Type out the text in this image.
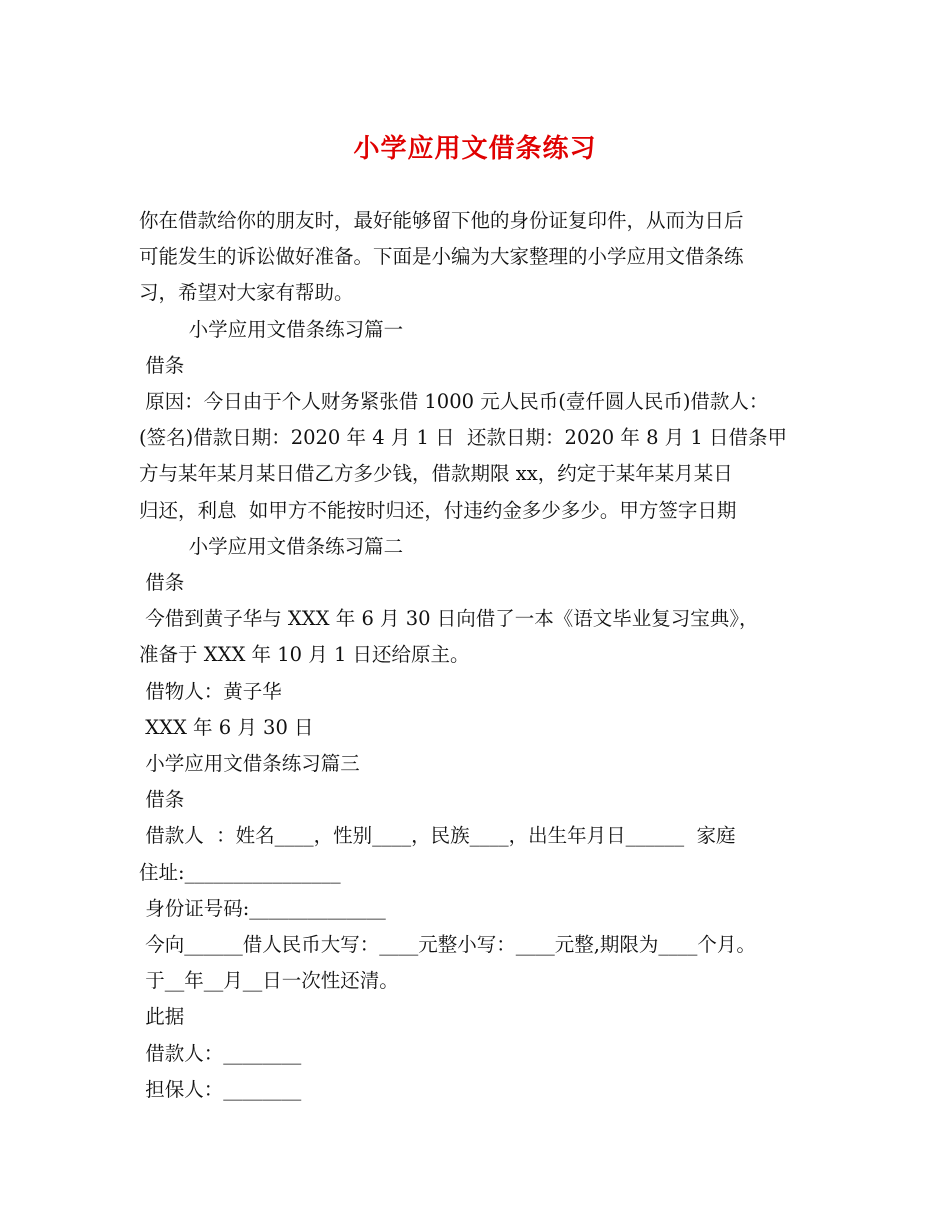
小学应用文借条练习
你在借款给你的朋友时，最好能够留下他的身份证复印件，从而为日后
可能发生的诉讼做好准备。下面是小编为大家整理的小学应用文借条练
习，希望对大家有帮助。
小学应用文借条练习篇一
借条
原因：今日由于个人财务紧张借 1000 元人民币(壹仟圆人民币)借款人：
(签名)借款日期：2020 年 4 月 1 日  还款日期：2020 年 8 月 1 日借条甲
方与某年某月某日借乙方多少钱，借款期限 xx，约定于某年某月某日
归还，利息  如甲方不能按时归还，付违约金多少多少。甲方签字日期
小学应用文借条练习篇二
借条
今借到黄子华与 XXX 年 6 月 30 日向借了一本《语文毕业复习宝典》，
准备于 XXX 年 10 月 1 日还给原主。
借物人：黄子华
XXX 年 6 月 30 日
小学应用文借条练习篇三
借条
借款人  ：姓名____，性别____，民族____，出生年月日______  家庭
住址:________________
身份证号码:______________
今向______借人民币大写：____元整小写：____元整,期限为____个月。
于__年__月__日一次性还清。
此据
借款人：________
担保人：________
